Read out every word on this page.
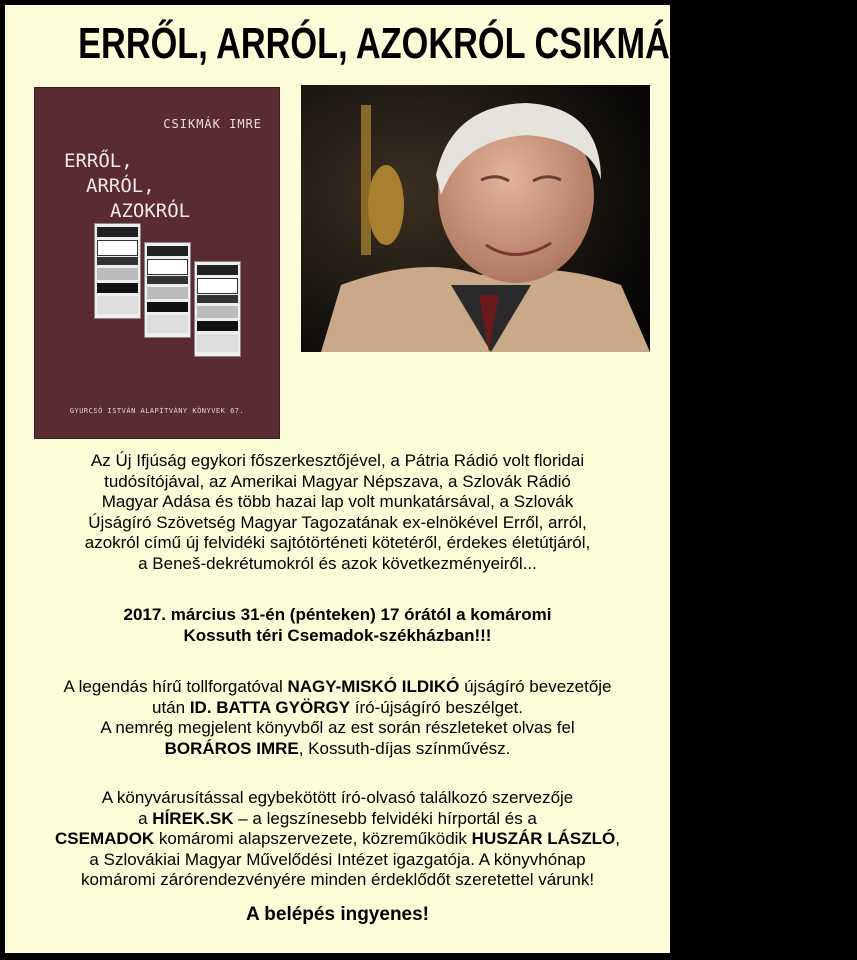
ERRŐL, ARRÓL, AZOKRÓL CSIKMÁK IMRÉVEL
CSIKMÁK IMRE
ERRŐL,
ARRÓL,
AZOKRÓL
GYURCSÓ ISTVÁN ALAPÍTVÁNY KÖNYVEK 67.
Az Új Ifjúság egykori főszerkesztőjével, a Pátria Rádió volt floridai
tudósítójával, az Amerikai Magyar Népszava, a Szlovák Rádió
Magyar Adása és több hazai lap volt munkatársával, a Szlovák
Újságíró Szövetség Magyar Tagozatának ex-elnökével Erről, arról,
azokról című új felvidéki sajtótörténeti kötetéről, érdekes életútjáról,
a Beneš-dekrétumokról és azok következményeiről...
2017. március 31-én (pénteken) 17 órától a komáromi
Kossuth téri Csemadok-székházban!!!
A legendás hírű tollforgatóval NAGY-MISKÓ ILDIKÓ újságíró bevezetője
után ID. BATTA GYÖRGY író-újságíró beszélget.
A nemrég megjelent könyvből az est során részleteket olvas fel
BORÁROS IMRE, Kossuth-díjas színművész.
A könyvárusítással egybekötött író-olvasó találkozó szervezője
a HÍREK.SK – a legszínesebb felvidéki hírportál és a
CSEMADOK komáromi alapszervezete, közreműködik HUSZÁR LÁSZLÓ,
a Szlovákiai Magyar Művelődési Intézet igazgatója. A könyvhónap
komáromi zárórendezvényére minden érdeklődőt szeretettel várunk!
A belépés ingyenes!
